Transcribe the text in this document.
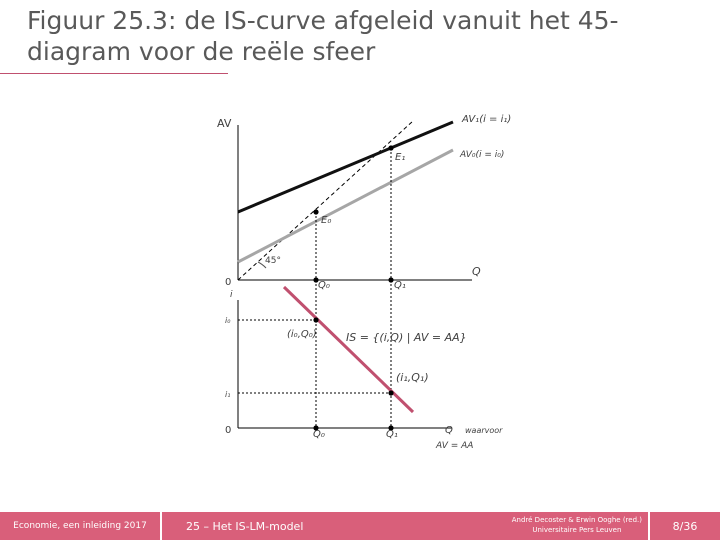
Figuur 25.3: de IS-curve afgeleid vanuit het 45-diagram voor de reële sfeer
AV	AV₁(i = i₁)
AV₀(i = i₀)
E₁
E₀
45°
0	Q₀	Q₁
Q
i
i₀
i₁
(i₀,Q₀)
(i₁,Q₁)
IS = {(i,Q) | AV = AA}
0	Q₀	Q₁	Q waarvoor
AV = AA
Economie, een inleiding 2017	25 – Het IS-LM-model	André Decoster & Erwin Ooghe (red.)
Universitaire Pers Leuven	8/36
